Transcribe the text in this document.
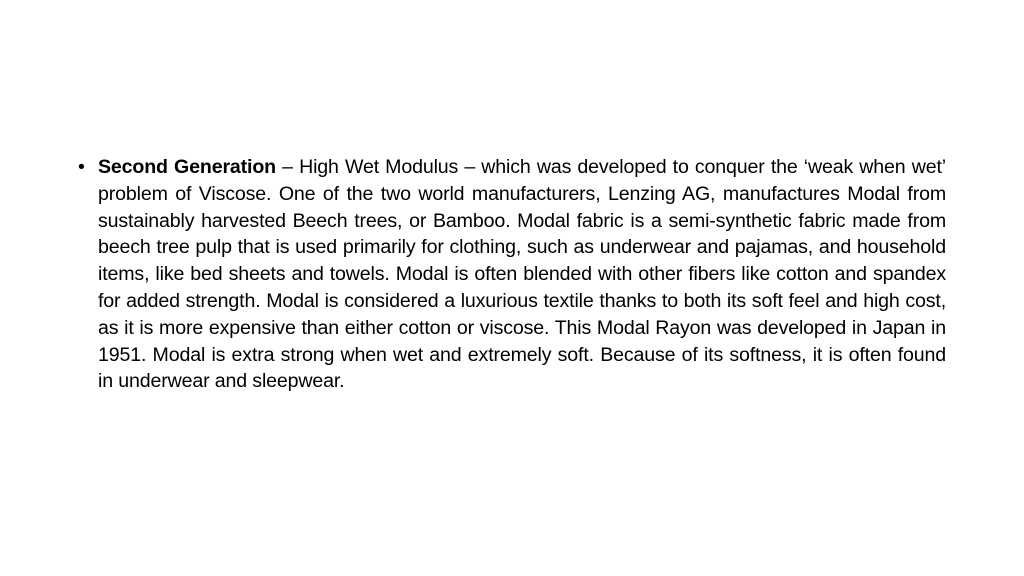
• Second Generation – High Wet Modulus – which was developed to conquer the ‘weak when wet’ problem of Viscose. One of the two world manufacturers, Lenzing AG, manufactures Modal from sustainably harvested Beech trees, or Bamboo. Modal fabric is a semi-synthetic fabric made from beech tree pulp that is used primarily for clothing, such as underwear and pajamas, and household items, like bed sheets and towels. Modal is often blended with other fibers like cotton and spandex for added strength. Modal is considered a luxurious textile thanks to both its soft feel and high cost, as it is more expensive than either cotton or viscose. This Modal Rayon was developed in Japan in 1951. Modal is extra strong when wet and extremely soft. Because of its softness, it is often found in underwear and sleepwear.
